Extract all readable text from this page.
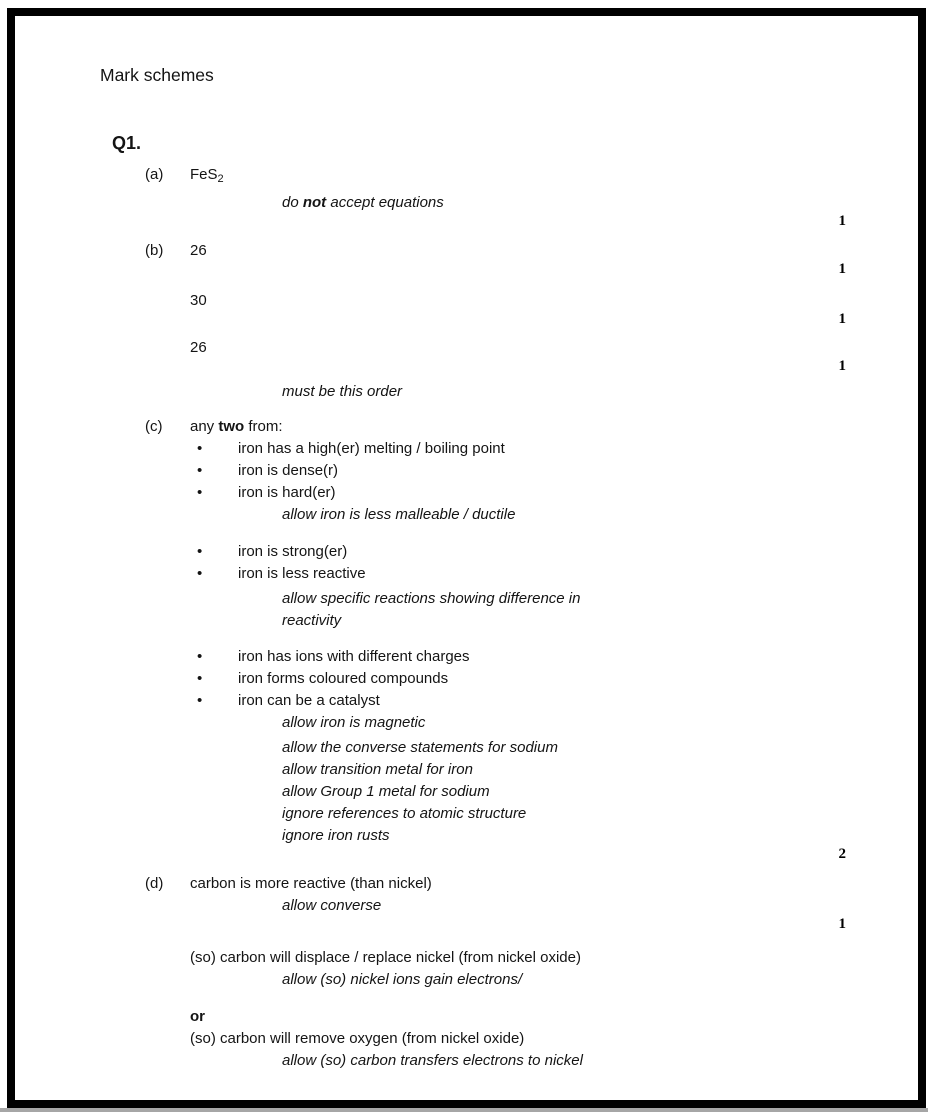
Mark schemes
Q1.
(a) FeS$_2$
do not accept equations
1
(b) 26
1
30
1
26
1
must be this order
(c) any two from:
• iron has a high(er) melting / boiling point
• iron is dense(r)
• iron is hard(er)
allow iron is less malleable / ductile
• iron is strong(er)
• iron is less reactive
allow specific reactions showing difference in
reactivity
• iron has ions with different charges
• iron forms coloured compounds
• iron can be a catalyst
allow iron is magnetic
allow the converse statements for sodium
allow transition metal for iron
allow Group 1 metal for sodium
ignore references to atomic structure
ignore iron rusts
2
(d) carbon is more reactive (than nickel)
allow converse
1
(so) carbon will displace / replace nickel (from nickel oxide)
allow (so) nickel ions gain electrons/
or
(so) carbon will remove oxygen (from nickel oxide)
allow (so) carbon transfers electrons to nickel
